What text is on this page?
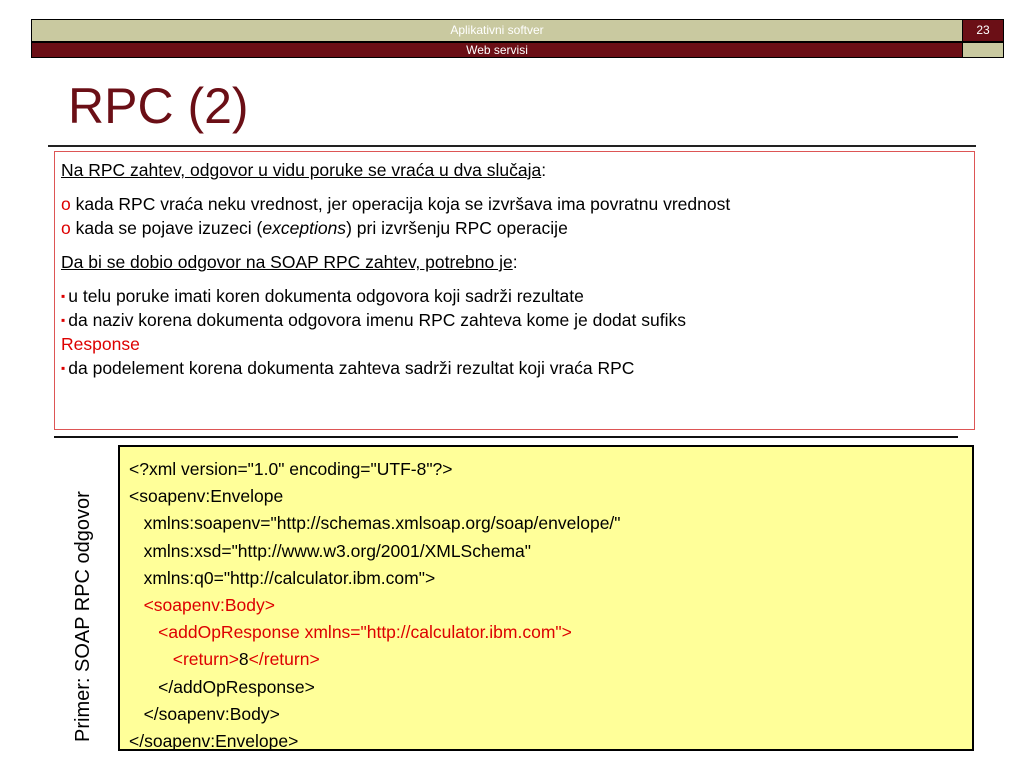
Aplikativni softver	23
Web servisi
RPC (2)

Na RPC zahtev, odgovor u vidu poruke se vraća u dva slučaja:

o kada RPC vraća neku vrednost, jer operacija koja se izvršava ima povratnu vrednost

o kada se pojave izuzeci (exceptions) pri izvršenju RPC operacije

Da bi se dobio odgovor na SOAP RPC zahtev, potrebno je:

▪ u telu poruke imati koren dokumenta odgovora koji sadrži rezultate

▪ da naziv korena dokumenta odgovora imenu RPC zahteva kome je dodat sufiks

Response

▪ da podelement korena dokumenta zahteva sadrži rezultat koji vraća RPC

Primer: SOAP RPC odgovor
<?xml version="1.0" encoding="UTF-8"?>
<soapenv:Envelope
xmlns:soapenv="http://schemas.xmlsoap.org/soap/envelope/"
xmlns:xsd="http://www.w3.org/2001/XMLSchema"
xmlns:q0="http://calculator.ibm.com">
<soapenv:Body>
<addOpResponse xmlns="http://calculator.ibm.com">
<return>8</return>
</addOpResponse>
</soapenv:Body>
</soapenv:Envelope>
